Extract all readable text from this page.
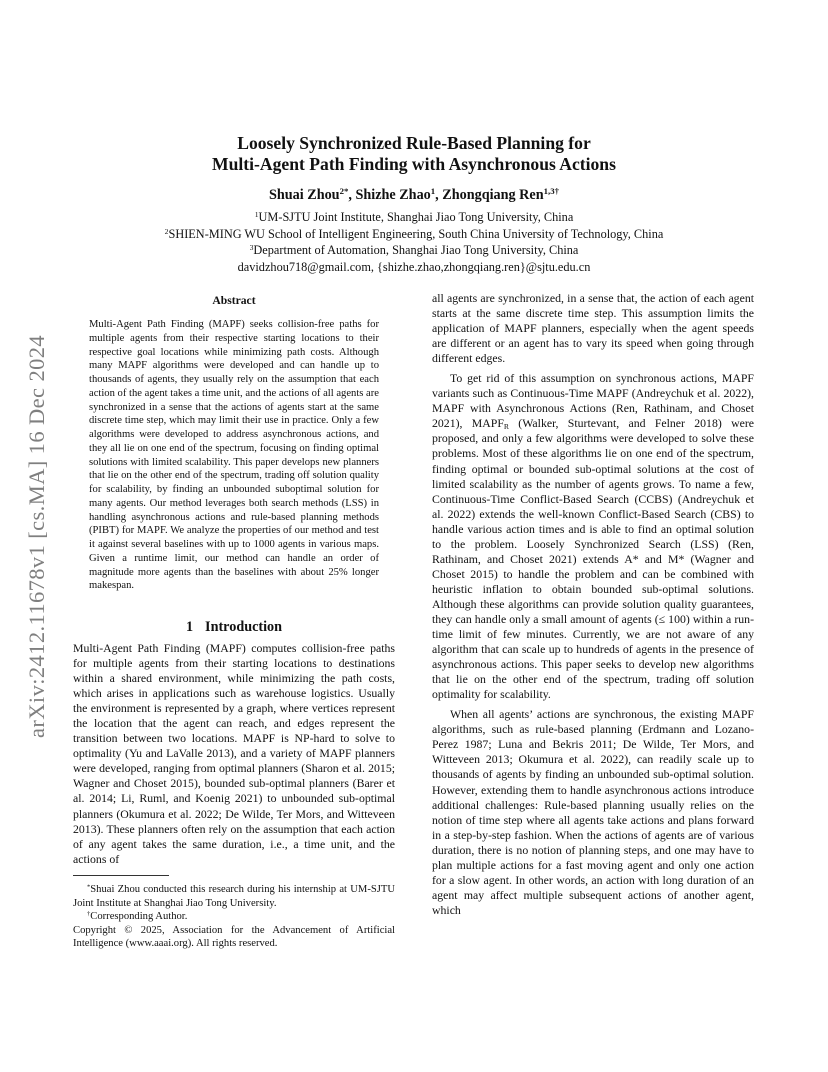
arXiv:2412.11678v1 [cs.MA] 16 Dec 2024
Loosely Synchronized Rule-Based Planning for
Multi-Agent Path Finding with Asynchronous Actions
Shuai Zhou$^{2*}$, Shizhe Zhao$^1$, Zhongqiang Ren$^{1,3\dagger}$
$^1$UM-SJTU Joint Institute, Shanghai Jiao Tong University, China
$^2$SHIEN-MING WU School of Intelligent Engineering, South China University of Technology, China
$^3$Department of Automation, Shanghai Jiao Tong University, China
davidzhou718@gmail.com, {shizhe.zhao,zhongqiang.ren}@sjtu.edu.cn
Abstract
Multi-Agent Path Finding (MAPF) seeks collision-free paths for multiple agents from their respective starting locations to their respective goal locations while minimizing path costs. Although many MAPF algorithms were developed and can handle up to thousands of agents, they usually rely on the assumption that each action of the agent takes a time unit, and the actions of all agents are synchronized in a sense that the actions of agents start at the same discrete time step, which may limit their use in practice. Only a few algorithms were developed to address asynchronous actions, and they all lie on one end of the spectrum, focusing on finding optimal solutions with limited scalability. This paper develops new planners that lie on the other end of the spectrum, trading off solution quality for scalability, by finding an unbounded suboptimal solution for many agents. Our method leverages both search methods (LSS) in handling asynchronous actions and rule-based planning methods (PIBT) for MAPF. We analyze the properties of our method and test it against several baselines with up to 1000 agents in various maps. Given a runtime limit, our method can handle an order of magnitude more agents than the baselines with about 25% longer makespan.
1 Introduction

Multi-Agent Path Finding (MAPF) computes collision-free paths for multiple agents from their starting locations to destinations within a shared environment, while minimizing the path costs, which arises in applications such as warehouse logistics. Usually the environment is represented by a graph, where vertices represent the location that the agent can reach, and edges represent the transition between two locations. MAPF is NP-hard to solve to optimality (Yu and LaValle 2013), and a variety of MAPF planners were developed, ranging from optimal planners (Sharon et al. 2015; Wagner and Choset 2015), bounded sub-optimal planners (Barer et al. 2014; Li, Ruml, and Koenig 2021) to unbounded sub-optimal planners (Okumura et al. 2022; De Wilde, Ter Mors, and Witteveen 2013). These planners often rely on the assumption that each action of any agent takes the same duration, i.e., a time unit, and the actions of

*Shuai Zhou conducted this research during his internship at UM-SJTU Joint Institute at Shanghai Jiao Tong University.

†Corresponding Author.

Copyright © 2025, Association for the Advancement of Artificial Intelligence (www.aaai.org). All rights reserved.

all agents are synchronized, in a sense that, the action of each agent starts at the same discrete time step. This assumption limits the application of MAPF planners, especially when the agent speeds are different or an agent has to vary its speed when going through different edges.

To get rid of this assumption on synchronous actions, MAPF variants such as Continuous-Time MAPF (Andreychuk et al. 2022), MAPF with Asynchronous Actions (Ren, Rathinam, and Choset 2021), $MAPF_R$ (Walker, Sturtevant, and Felner 2018) were proposed, and only a few algorithms were developed to solve these problems. Most of these algorithms lie on one end of the spectrum, finding optimal or bounded sub-optimal solutions at the cost of limited scalability as the number of agents grows. To name a few, Continuous-Time Conflict-Based Search (CCBS) (Andreychuk et al. 2022) extends the well-known Conflict-Based Search (CBS) to handle various action times and is able to find an optimal solution to the problem. Loosely Synchronized Search (LSS) (Ren, Rathinam, and Choset 2021) extends A* and M* (Wagner and Choset 2015) to handle the problem and can be combined with heuristic inflation to obtain bounded sub-optimal solutions. Although these algorithms can provide solution quality guarantees, they can handle only a small amount of agents (≤ 100) within a runtime limit of few minutes. Currently, we are not aware of any algorithm that can scale up to hundreds of agents in the presence of asynchronous actions. This paper seeks to develop new algorithms that lie on the other end of the spectrum, trading off solution optimality for scalability.

When all agents’ actions are synchronous, the existing MAPF algorithms, such as rule-based planning (Erdmann and Lozano-Perez 1987; Luna and Bekris 2011; De Wilde, Ter Mors, and Witteveen 2013; Okumura et al. 2022), can readily scale up to thousands of agents by finding an unbounded sub-optimal solution. However, extending them to handle asynchronous actions introduce additional challenges: Rule-based planning usually relies on the notion of time step where all agents take actions and plans forward in a step-by-step fashion. When the actions of agents are of various duration, there is no notion of planning steps, and one may have to plan multiple actions for a fast moving agent and only one action for a slow agent. In other words, an action with long duration of an agent may affect multiple subsequent actions of another agent, which
